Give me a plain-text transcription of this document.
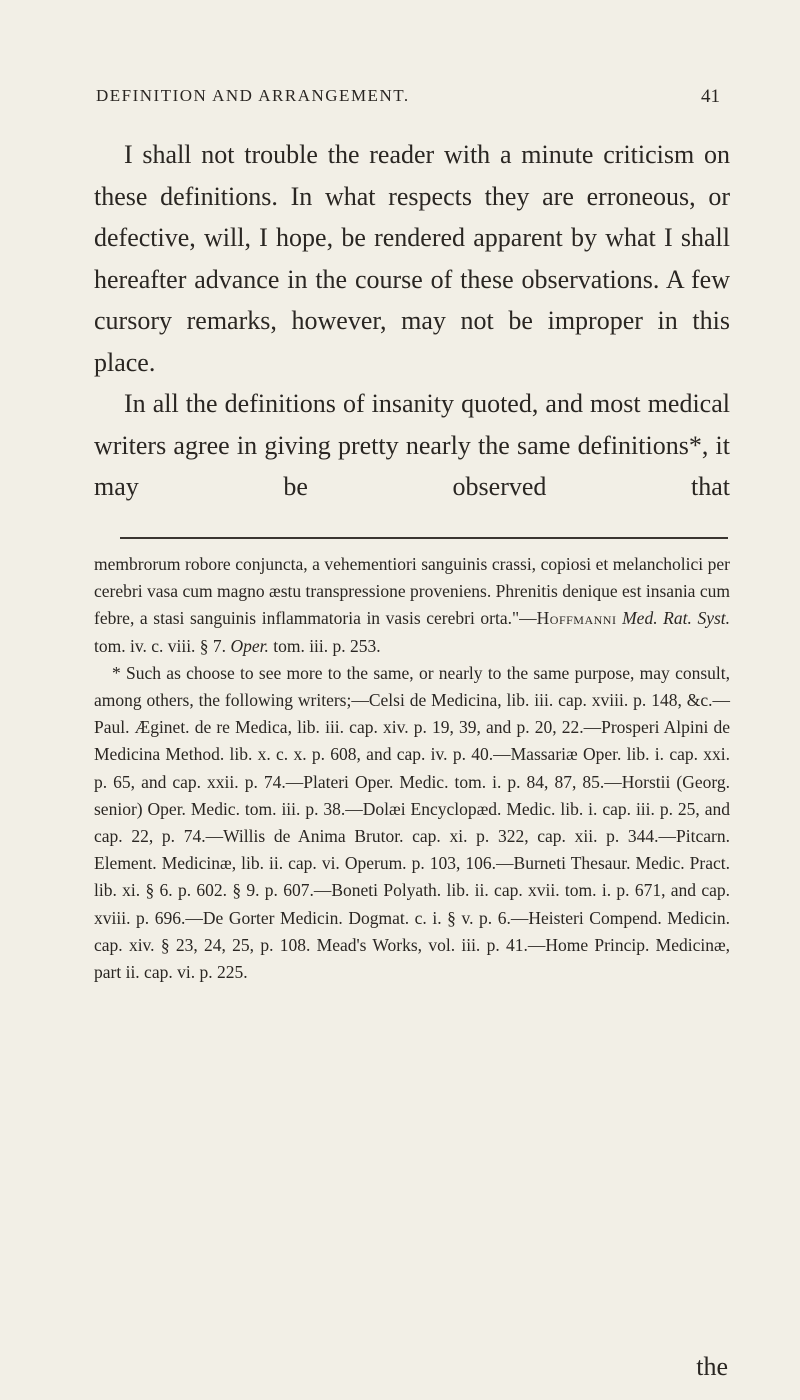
DEFINITION AND ARRANGEMENT.	41

I shall not trouble the reader with a minute criticism on these definitions. In what respects they are erroneous, or defective, will, I hope, be rendered apparent by what I shall hereafter advance in the course of these observations. A few cursory remarks, however, may not be improper in this place.

In all the definitions of insanity quoted, and most medical writers agree in giving pretty nearly the same definitions*, it may be observed that

membrorum robore conjuncta, a vehementiori sanguinis crassi, copiosi et melancholici per cerebri vasa cum magno æstu transpressione proveniens. Phrenitis denique est insania cum febre, a stasi sanguinis inflammatoria in vasis cerebri orta."—Hoffmanni Med. Rat. Syst. tom. iv. c. viii. § 7. Oper. tom. iii. p. 253.

* Such as choose to see more to the same, or nearly to the same purpose, may consult, among others, the following writers;—Celsi de Medicina, lib. iii. cap. xviii. p. 148, &c.—Paul. Æginet. de re Medica, lib. iii. cap. xiv. p. 19, 39, and p. 20, 22.—Prosperi Alpini de Medicina Method. lib. x. c. x. p. 608, and cap. iv. p. 40.—Massariæ Oper. lib. i. cap. xxi. p. 65, and cap. xxii. p. 74.—Plateri Oper. Medic. tom. i. p. 84, 87, 85.—Horstii (Georg. senior) Oper. Medic. tom. iii. p. 38.—Dolæi Encyclopæd. Medic. lib. i. cap. iii. p. 25, and cap. 22, p. 74.—Willis de Anima Brutor. cap. xi. p. 322, cap. xii. p. 344.—Pitcarn. Element. Medicinæ, lib. ii. cap. vi. Operum. p. 103, 106.—Burneti Thesaur. Medic. Pract. lib. xi. § 6. p. 602. § 9. p. 607.—Boneti Polyath. lib. ii. cap. xvii. tom. i. p. 671, and cap. xviii. p. 696.—De Gorter Medicin. Dogmat. c. i. § v. p. 6.—Heisteri Compend. Medicin. cap. xiv. § 23, 24, 25, p. 108. Mead's Works, vol. iii. p. 41.—Home Princip. Medicinæ, part ii. cap. vi. p. 225.

the
